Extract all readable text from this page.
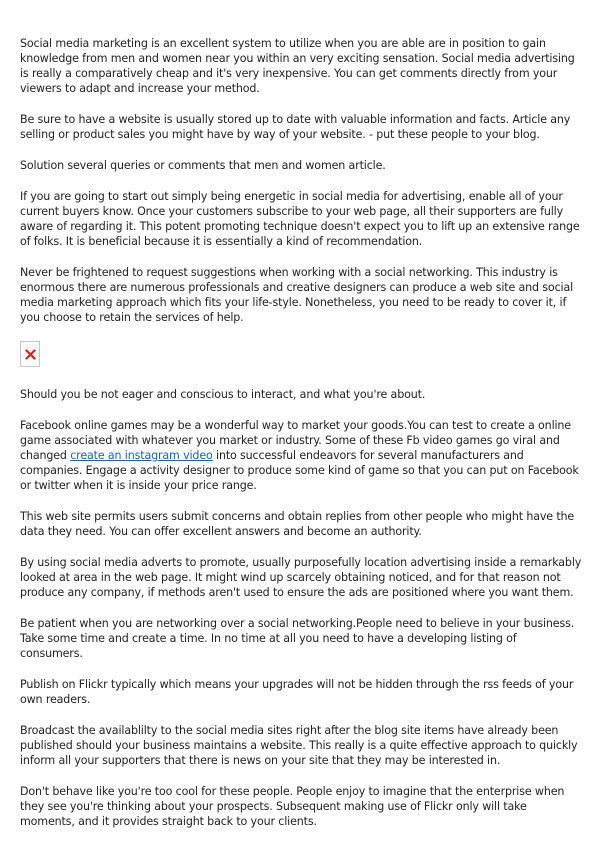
Social media marketing is an excellent system to utilize when you are able are in position to gain knowledge from men and women near you within an very exciting sensation. Social media advertising is really a comparatively cheap and it's very inexpensive. You can get comments directly from your viewers to adapt and increase your method.

Be sure to have a website is usually stored up to date with valuable information and facts. Article any selling or product sales you might have by way of your website. - put these people to your blog.

Solution several queries or comments that men and women article.

If you are going to start out simply being energetic in social media for advertising, enable all of your current buyers know. Once your customers subscribe to your web page, all their supporters are fully aware of regarding it. This potent promoting technique doesn't expect you to lift up an extensive range of folks. It is beneficial because it is essentially a kind of recommendation.

Never be frightened to request suggestions when working with a social networking. This industry is enormous there are numerous professionals and creative designers can produce a web site and social media marketing approach which fits your life-style. Nonetheless, you need to be ready to cover it, if you choose to retain the services of help.

Should you be not eager and conscious to interact, and what you're about.

Facebook online games may be a wonderful way to market your goods.You can test to create a online game associated with whatever you market or industry. Some of these Fb video games go viral and changed create an instagram video into successful endeavors for several manufacturers and companies. Engage a activity designer to produce some kind of game so that you can put on Facebook or twitter when it is inside your price range.

This web site permits users submit concerns and obtain replies from other people who might have the data they need. You can offer excellent answers and become an authority.

By using social media adverts to promote, usually purposefully location advertising inside a remarkably looked at area in the web page. It might wind up scarcely obtaining noticed, and for that reason not produce any company, if methods aren't used to ensure the ads are positioned where you want them.

Be patient when you are networking over a social networking.People need to believe in your business. Take some time and create a time. In no time at all you need to have a developing listing of consumers.

Publish on Flickr typically which means your upgrades will not be hidden through the rss feeds of your own readers.

Broadcast the availablilty to the social media sites right after the blog site items have already been published should your business maintains a website. This really is a quite effective approach to quickly inform all your supporters that there is news on your site that they may be interested in.

Don't behave like you're too cool for these people. People enjoy to imagine that the enterprise when they see you're thinking about your prospects. Subsequent making use of Flickr only will take moments, and it provides straight back to your clients.
